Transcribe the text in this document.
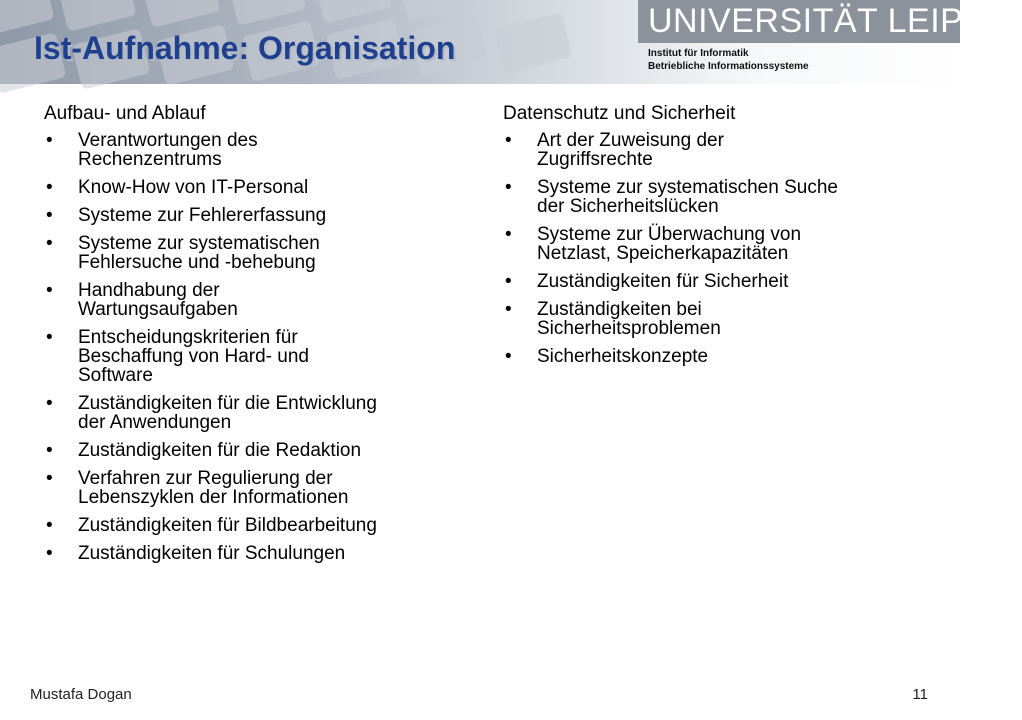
Ist-Aufnahme: Organisation
UNIVERSITÄT LEIPZIG
Institut für Informatik
Betriebliche Informationssysteme
Aufbau- und Ablauf
• Verantwortungen des
Rechenzentrums
• Know-How von IT-Personal
• Systeme zur Fehlererfassung
• Systeme zur systematischen
Fehlersuche und -behebung
• Handhabung der
Wartungsaufgaben
• Entscheidungskriterien für
Beschaffung von Hard- und
Software
• Zuständigkeiten für die Entwicklung
der Anwendungen
• Zuständigkeiten für die Redaktion
• Verfahren zur Regulierung der
Lebenszyklen der Informationen
• Zuständigkeiten für Bildbearbeitung
• Zuständigkeiten für Schulungen
Datenschutz und Sicherheit
• Art der Zuweisung der
Zugriffsrechte
• Systeme zur systematischen Suche
der Sicherheitslücken
• Systeme zur Überwachung von
Netzlast, Speicherkapazitäten
• Zuständigkeiten für Sicherheit
• Zuständigkeiten bei
Sicherheitsproblemen
• Sicherheitskonzepte
Mustafa Dogan	11
